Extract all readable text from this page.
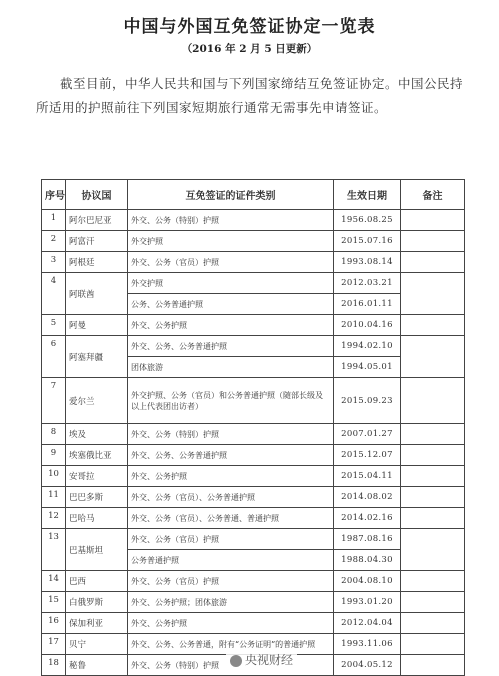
中国与外国互免签证协定一览表
（2016 年 2 月 5 日更新）
截至目前，中华人民共和国与下列国家缔结互免签证协定。中国公民持所适用的护照前往下列国家短期旅行通常无需事先申请签证。
序号	协议国	互免签证的证件类别	生效日期	备注
1	阿尔巴尼亚	外交、公务（特别）护照	1956.08.25	
2	阿富汗	外交护照	2015.07.16	
3	阿根廷	外交、公务（官员）护照	1993.08.14	
4	阿联酋	外交护照	2012.03.21	
		公务、公务普通护照	2016.01.11	
5	阿曼	外交、公务护照	2010.04.16	
6	阿塞拜疆	外交、公务、公务普通护照	1994.02.10	
		团体旅游	1994.05.01	
7	爱尔兰	外交护照、公务（官员）和公务普通护照（随部长级及以上代表团出访者）	2015.09.23	
8	埃及	外交、公务（特别）护照	2007.01.27	
9	埃塞俄比亚	外交、公务、公务普通护照	2015.12.07	
10	安哥拉	外交、公务护照	2015.04.11	
11	巴巴多斯	外交、公务（官员）、公务普通护照	2014.08.02	
12	巴哈马	外交、公务（官员）、公务普通、普通护照	2014.02.16	
13	巴基斯坦	外交、公务（官员）护照	1987.08.16	
		公务普通护照	1988.04.30	
14	巴西	外交、公务（官员）护照	2004.08.10	
15	白俄罗斯	外交、公务护照；团体旅游	1993.01.20	
16	保加利亚	外交、公务护照	2012.04.04	
17	贝宁	外交、公务、公务普通，附有“公务证明”的普通护照	1993.11.06	
18	秘鲁	外交、公务（特别）护照	2004.05.12	
央视财经
